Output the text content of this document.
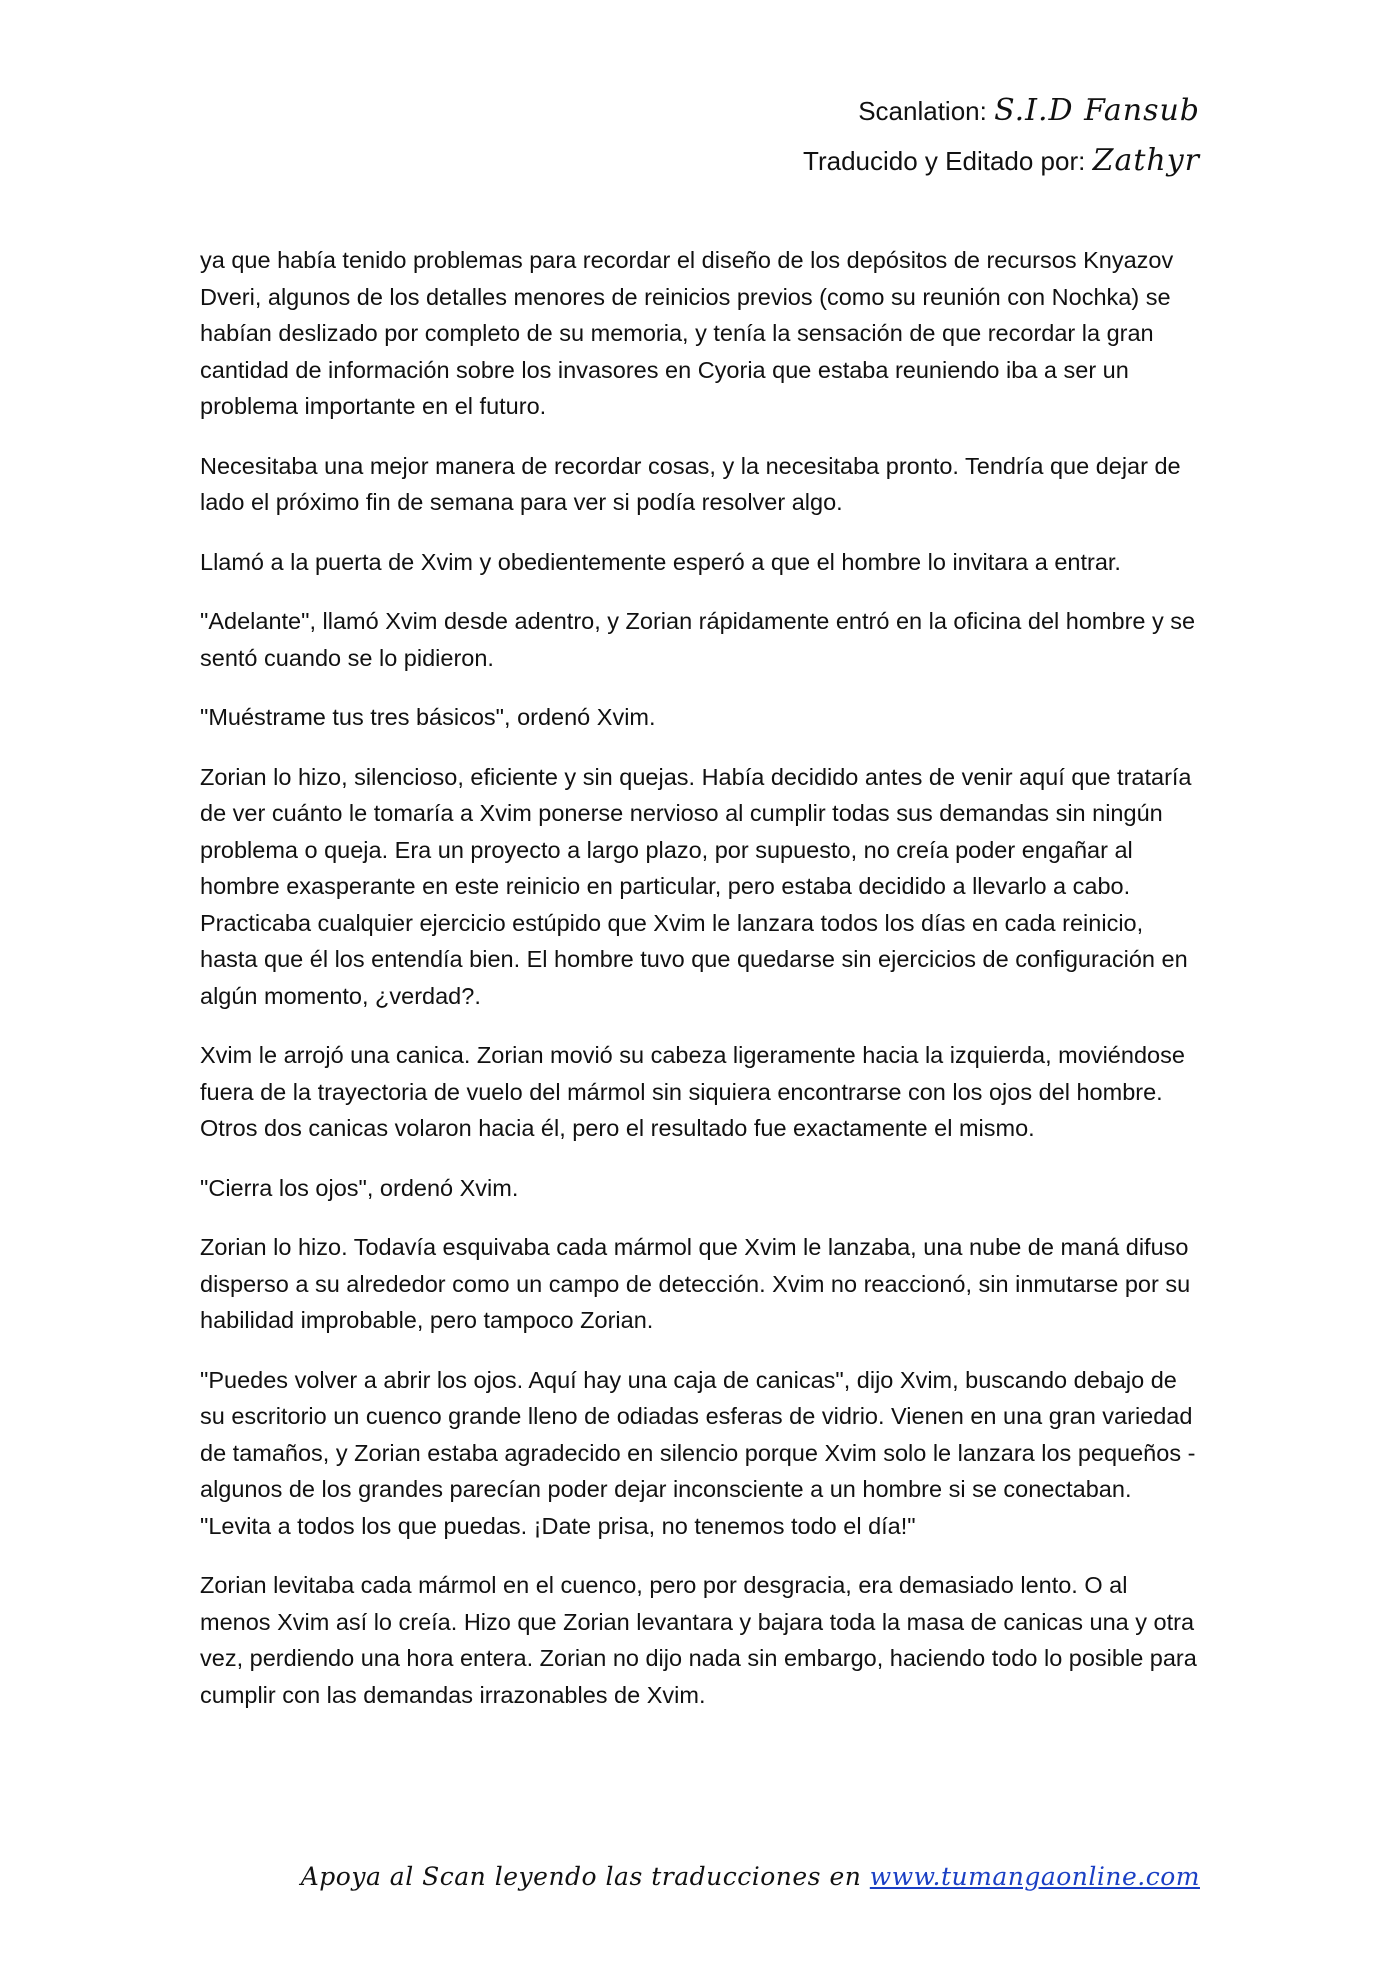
Scanlation: S.I.D Fansub
Traducido y Editado por: Zathyr

ya que había tenido problemas para recordar el diseño de los depósitos de recursos Knyazov Dveri, algunos de los detalles menores de reinicios previos (como su reunión con Nochka) se habían deslizado por completo de su memoria, y tenía la sensación de que recordar la gran cantidad de información sobre los invasores en Cyoria que estaba reuniendo iba a ser un problema importante en el futuro.

Necesitaba una mejor manera de recordar cosas, y la necesitaba pronto. Tendría que dejar de lado el próximo fin de semana para ver si podía resolver algo.

Llamó a la puerta de Xvim y obedientemente esperó a que el hombre lo invitara a entrar.

"Adelante", llamó Xvim desde adentro, y Zorian rápidamente entró en la oficina del hombre y se sentó cuando se lo pidieron.

"Muéstrame tus tres básicos", ordenó Xvim.

Zorian lo hizo, silencioso, eficiente y sin quejas. Había decidido antes de venir aquí que trataría de ver cuánto le tomaría a Xvim ponerse nervioso al cumplir todas sus demandas sin ningún problema o queja. Era un proyecto a largo plazo, por supuesto, no creía poder engañar al hombre exasperante en este reinicio en particular, pero estaba decidido a llevarlo a cabo. Practicaba cualquier ejercicio estúpido que Xvim le lanzara todos los días en cada reinicio, hasta que él los entendía bien. El hombre tuvo que quedarse sin ejercicios de configuración en algún momento, ¿verdad?.

Xvim le arrojó una canica. Zorian movió su cabeza ligeramente hacia la izquierda, moviéndose fuera de la trayectoria de vuelo del mármol sin siquiera encontrarse con los ojos del hombre. Otros dos canicas volaron hacia él, pero el resultado fue exactamente el mismo.

"Cierra los ojos", ordenó Xvim.

Zorian lo hizo. Todavía esquivaba cada mármol que Xvim le lanzaba, una nube de maná difuso disperso a su alrededor como un campo de detección. Xvim no reaccionó, sin inmutarse por su habilidad improbable, pero tampoco Zorian.

"Puedes volver a abrir los ojos. Aquí hay una caja de canicas", dijo Xvim, buscando debajo de su escritorio un cuenco grande lleno de odiadas esferas de vidrio. Vienen en una gran variedad de tamaños, y Zorian estaba agradecido en silencio porque Xvim solo le lanzara los pequeños - algunos de los grandes parecían poder dejar inconsciente a un hombre si se conectaban. "Levita a todos los que puedas. ¡Date prisa, no tenemos todo el día!"

Zorian levitaba cada mármol en el cuenco, pero por desgracia, era demasiado lento. O al menos Xvim así lo creía. Hizo que Zorian levantara y bajara toda la masa de canicas una y otra vez, perdiendo una hora entera. Zorian no dijo nada sin embargo, haciendo todo lo posible para cumplir con las demandas irrazonables de Xvim.

Apoya al Scan leyendo las traducciones en www.tumangaonline.com
